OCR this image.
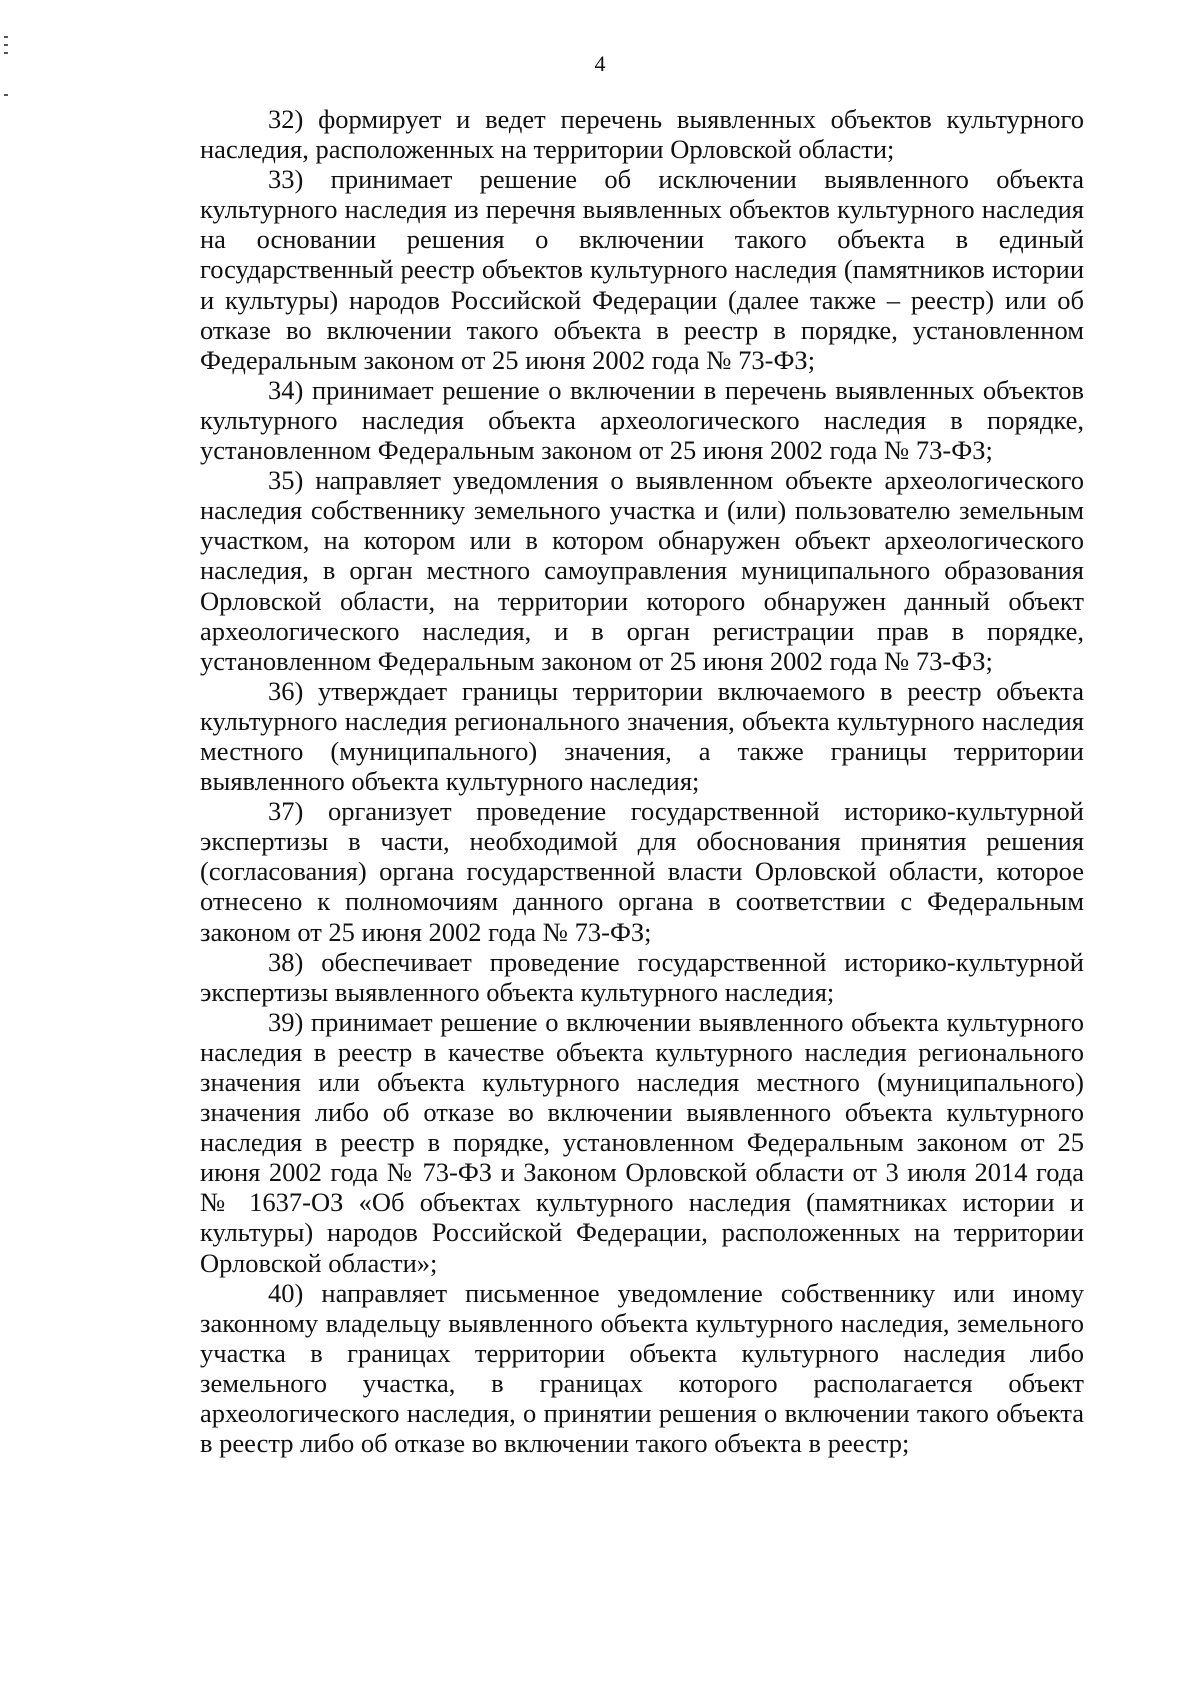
4

32) формирует и ведет перечень выявленных объектов культурного наследия, расположенных на территории Орловской области;

33) принимает решение об исключении выявленного объекта культурного наследия из перечня выявленных объектов культурного наследия на основании решения о включении такого объекта в единый государственный реестр объектов культурного наследия (памятников истории и культуры) народов Российской Федерации (далее также – реестр) или об отказе во включении такого объекта в реестр в порядке, установленном Федеральным законом от 25 июня 2002 года № 73-ФЗ;

34) принимает решение о включении в перечень выявленных объектов культурного наследия объекта археологического наследия в порядке, установленном Федеральным законом от 25 июня 2002 года № 73-ФЗ;

35) направляет уведомления о выявленном объекте археологического наследия собственнику земельного участка и (или) пользователю земельным участком, на котором или в котором обнаружен объект археологического наследия, в орган местного самоуправления муниципального образования Орловской области, на территории которого обнаружен данный объект археологического наследия, и в орган регистрации прав в порядке, установленном Федеральным законом от 25 июня 2002 года № 73-ФЗ;

36) утверждает границы территории включаемого в реестр объекта культурного наследия регионального значения, объекта культурного наследия местного (муниципального) значения, а также границы территории выявленного объекта культурного наследия;

37) организует проведение государственной историко-культурной экспертизы в части, необходимой для обоснования принятия решения (согласования) органа государственной власти Орловской области, которое отнесено к полномочиям данного органа в соответствии с Федеральным законом от 25 июня 2002 года № 73-ФЗ;

38) обеспечивает проведение государственной историко-культурной экспертизы выявленного объекта культурного наследия;

39) принимает решение о включении выявленного объекта культурного наследия в реестр в качестве объекта культурного наследия регионального значения или объекта культурного наследия местного (муниципального) значения либо об отказе во включении выявленного объекта культурного наследия в реестр в порядке, установленном Федеральным законом от 25 июня 2002 года № 73-ФЗ и Законом Орловской области от 3 июля 2014 года № 1637-ОЗ «Об объектах культурного наследия (памятниках истории и культуры) народов Российской Федерации, расположенных на территории Орловской области»;

40) направляет письменное уведомление собственнику или иному законному владельцу выявленного объекта культурного наследия, земельного участка в границах территории объекта культурного наследия либо земельного участка, в границах которого располагается объект археологического наследия, о принятии решения о включении такого объекта в реестр либо об отказе во включении такого объекта в реестр;
